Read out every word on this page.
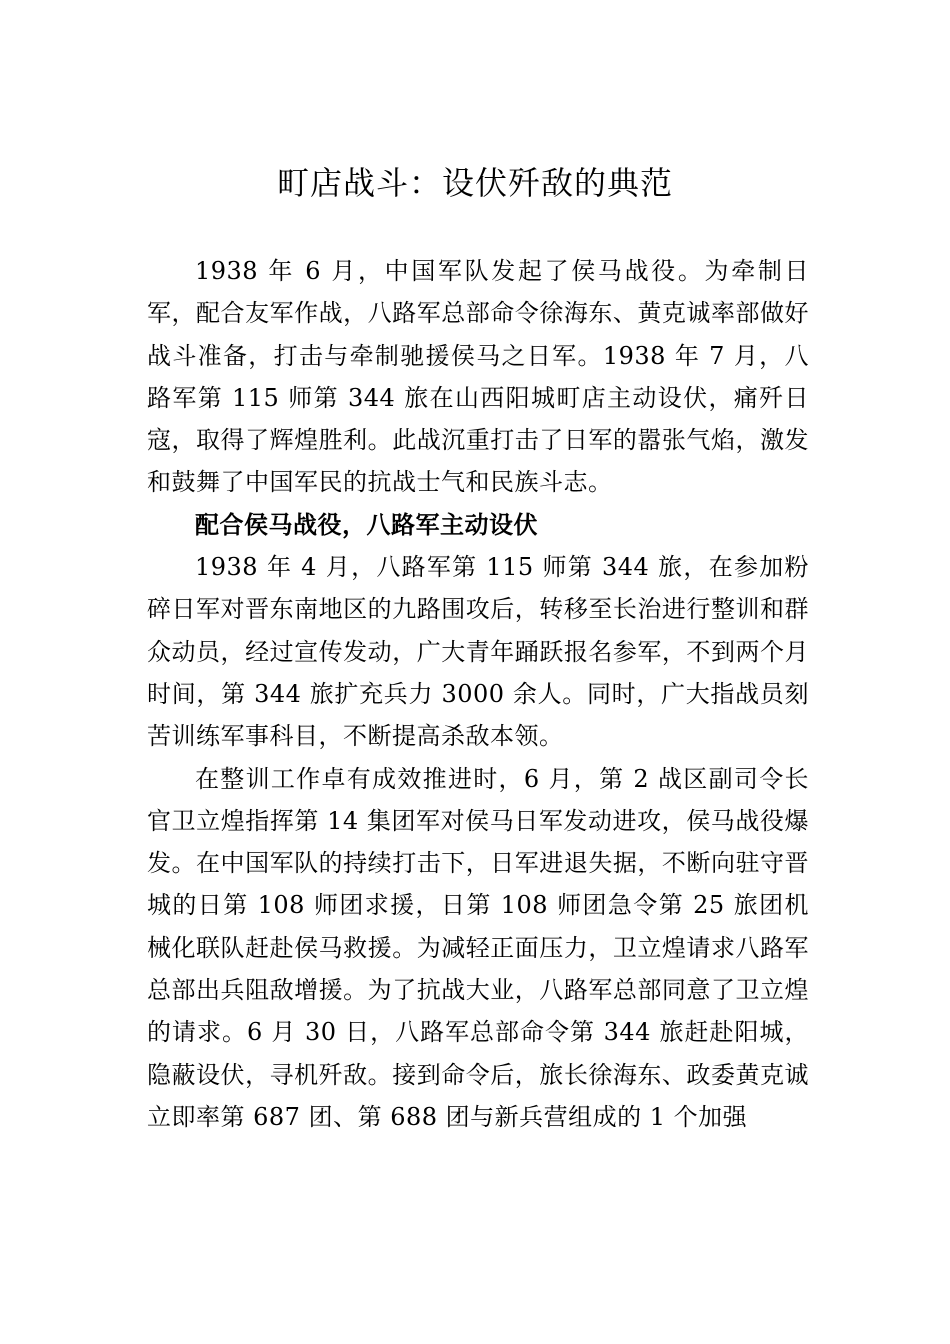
町店战斗：设伏歼敌的典范

1938 年 6 月，中国军队发起了侯马战役。为牵制日军，配合友军作战，八路军总部命令徐海东、黄克诚率部做好战斗准备，打击与牵制驰援侯马之日军。1938 年 7 月，八路军第 115 师第 344 旅在山西阳城町店主动设伏，痛歼日寇，取得了辉煌胜利。此战沉重打击了日军的嚣张气焰，激发和鼓舞了中国军民的抗战士气和民族斗志。

配合侯马战役，八路军主动设伏

1938 年 4 月，八路军第 115 师第 344 旅，在参加粉碎日军对晋东南地区的九路围攻后，转移至长治进行整训和群众动员，经过宣传发动，广大青年踊跃报名参军，不到两个月时间，第 344 旅扩充兵力 3000 余人。同时，广大指战员刻苦训练军事科目，不断提高杀敌本领。

在整训工作卓有成效推进时，6 月，第 2 战区副司令长官卫立煌指挥第 14 集团军对侯马日军发动进攻，侯马战役爆发。在中国军队的持续打击下，日军进退失据，不断向驻守晋城的日第 108 师团求援，日第 108 师团急令第 25 旅团机械化联队赶赴侯马救援。为减轻正面压力，卫立煌请求八路军总部出兵阻敌增援。为了抗战大业，八路军总部同意了卫立煌的请求。6 月 30 日，八路军总部命令第 344 旅赶赴阳城，隐蔽设伏，寻机歼敌。接到命令后，旅长徐海东、政委黄克诚立即率第 687 团、第 688 团与新兵营组成的 1 个加强
